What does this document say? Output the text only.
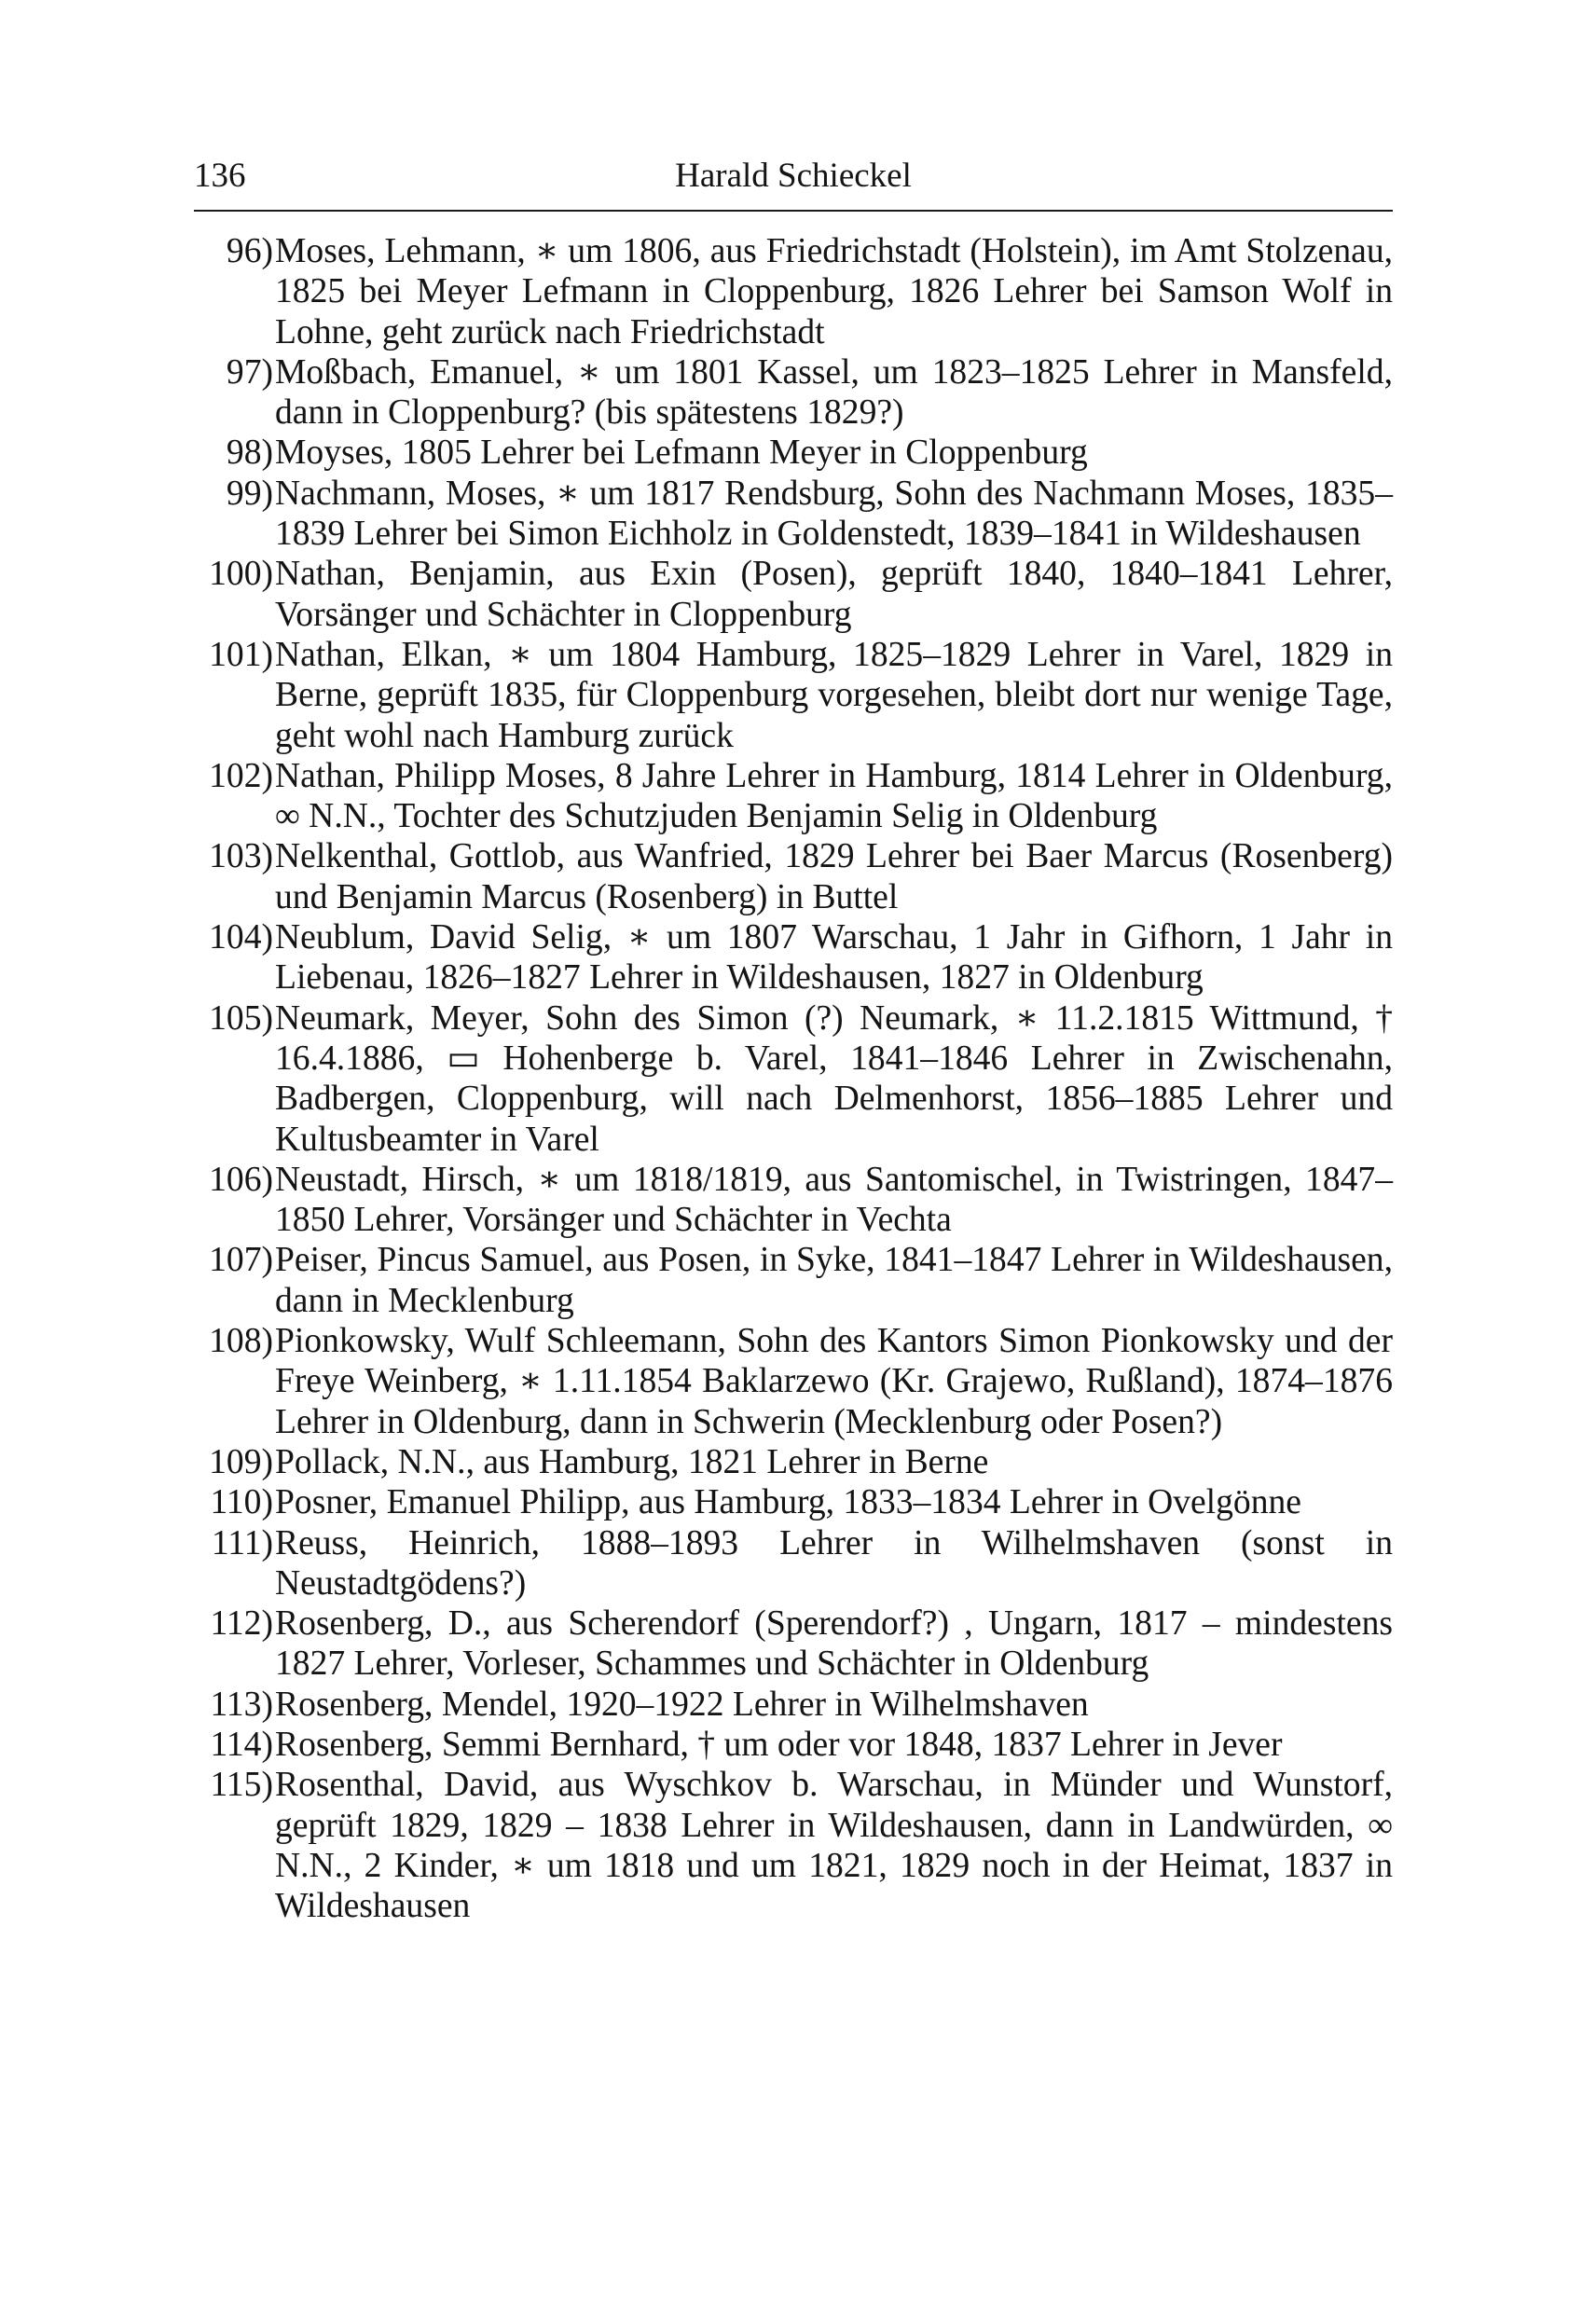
136	Harald Schieckel
96) Moses, Lehmann, ∗ um 1806, aus Friedrichstadt (Holstein), im Amt Stolzenau, 1825 bei Meyer Lefmann in Cloppenburg, 1826 Lehrer bei Samson Wolf in Lohne, geht zurück nach Friedrichstadt
97) Moßbach, Emanuel, ∗ um 1801 Kassel, um 1823–1825 Lehrer in Mansfeld, dann in Cloppenburg? (bis spätestens 1829?)
98) Moyses, 1805 Lehrer bei Lefmann Meyer in Cloppenburg
99) Nachmann, Moses, ∗ um 1817 Rendsburg, Sohn des Nachmann Moses, 1835–1839 Lehrer bei Simon Eichholz in Goldenstedt, 1839–1841 in Wildeshausen
100) Nathan, Benjamin, aus Exin (Posen), geprüft 1840, 1840–1841 Lehrer, Vorsänger und Schächter in Cloppenburg
101) Nathan, Elkan, ∗ um 1804 Hamburg, 1825–1829 Lehrer in Varel, 1829 in Berne, geprüft 1835, für Cloppenburg vorgesehen, bleibt dort nur wenige Tage, geht wohl nach Hamburg zurück
102) Nathan, Philipp Moses, 8 Jahre Lehrer in Hamburg, 1814 Lehrer in Oldenburg, ∞ N.N., Tochter des Schutzjuden Benjamin Selig in Oldenburg
103) Nelkenthal, Gottlob, aus Wanfried, 1829 Lehrer bei Baer Marcus (Rosenberg) und Benjamin Marcus (Rosenberg) in Buttel
104) Neublum, David Selig, ∗ um 1807 Warschau, 1 Jahr in Gifhorn, 1 Jahr in Liebenau, 1826–1827 Lehrer in Wildeshausen, 1827 in Oldenburg
105) Neumark, Meyer, Sohn des Simon (?) Neumark, ∗ 11.2.1815 Wittmund, † 16.4.1886, ▭ Hohenberge b. Varel, 1841–1846 Lehrer in Zwischenahn, Badbergen, Cloppenburg, will nach Delmenhorst, 1856–1885 Lehrer und Kultusbeamter in Varel
106) Neustadt, Hirsch, ∗ um 1818/1819, aus Santomischel, in Twistringen, 1847–1850 Lehrer, Vorsänger und Schächter in Vechta
107) Peiser, Pincus Samuel, aus Posen, in Syke, 1841–1847 Lehrer in Wildeshausen, dann in Mecklenburg
108) Pionkowsky, Wulf Schleemann, Sohn des Kantors Simon Pionkowsky und der Freye Weinberg, ∗ 1.11.1854 Baklarzewo (Kr. Grajewo, Rußland), 1874–1876 Lehrer in Oldenburg, dann in Schwerin (Mecklenburg oder Posen?)
109) Pollack, N.N., aus Hamburg, 1821 Lehrer in Berne
110) Posner, Emanuel Philipp, aus Hamburg, 1833–1834 Lehrer in Ovelgönne
111) Reuss, Heinrich, 1888–1893 Lehrer in Wilhelmshaven (sonst in Neustadtgödens?)
112) Rosenberg, D., aus Scherendorf (Sperendorf?) , Ungarn, 1817 – mindestens 1827 Lehrer, Vorleser, Schammes und Schächter in Oldenburg
113) Rosenberg, Mendel, 1920–1922 Lehrer in Wilhelmshaven
114) Rosenberg, Semmi Bernhard, † um oder vor 1848, 1837 Lehrer in Jever
115) Rosenthal, David, aus Wyschkov b. Warschau, in Münder und Wunstorf, geprüft 1829, 1829 – 1838 Lehrer in Wildeshausen, dann in Landwürden, ∞ N.N., 2 Kinder, ∗ um 1818 und um 1821, 1829 noch in der Heimat, 1837 in Wildeshausen
